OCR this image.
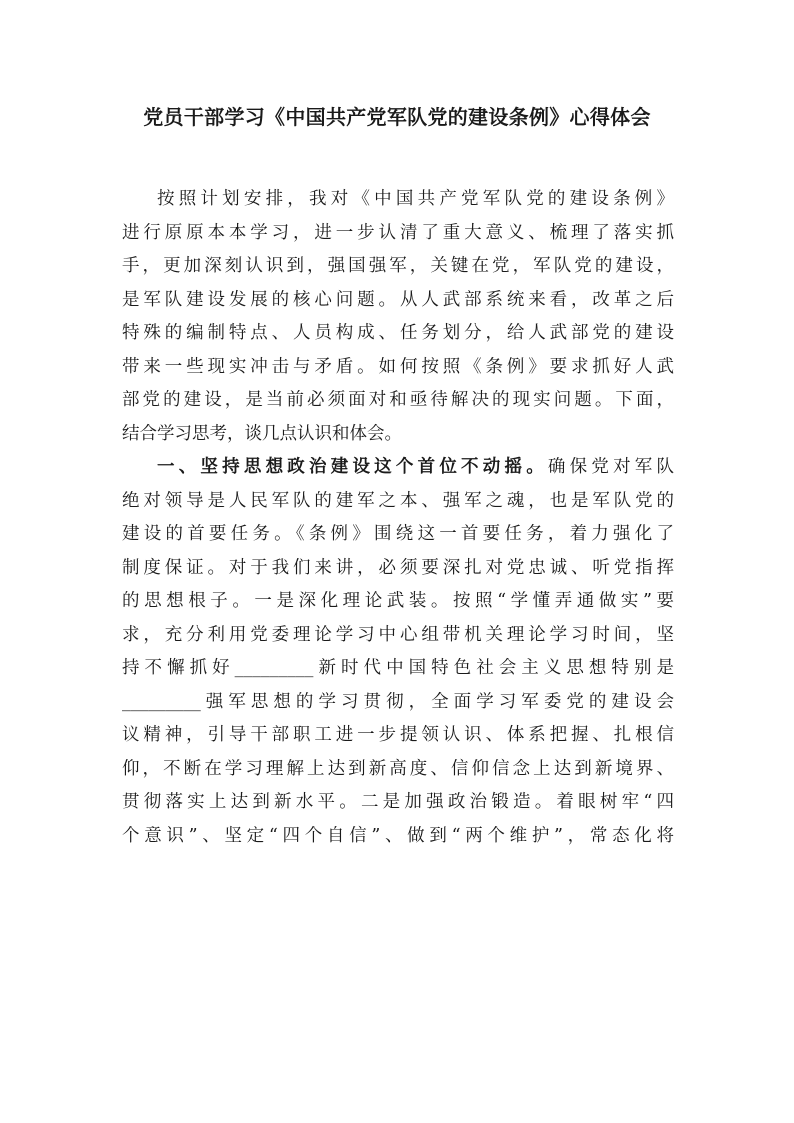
党员干部学习《中国共产党军队党的建设条例》心得体会
按照计划安排，我对《中国共产党军队党的建设条例》
进行原原本本学习，进一步认清了重大意义、梳理了落实抓
手，更加深刻认识到，强国强军，关键在党，军队党的建设，
是军队建设发展的核心问题。从人武部系统来看，改革之后
特殊的编制特点、人员构成、任务划分，给人武部党的建设
带来一些现实冲击与矛盾。如何按照《条例》要求抓好人武
部党的建设，是当前必须面对和亟待解决的现实问题。下面，
结合学习思考，谈几点认识和体会。
一、坚持思想政治建设这个首位不动摇。确保党对军队
绝对领导是人民军队的建军之本、强军之魂，也是军队党的
建设的首要任务。《条例》围绕这一首要任务，着力强化了
制度保证。对于我们来讲，必须要深扎对党忠诚、听党指挥
的思想根子。一是深化理论武装。按照“学懂弄通做实”要
求，充分利用党委理论学习中心组带机关理论学习时间，坚
持不懈抓好_________新时代中国特色社会主义思想特别是
_________强军思想的学习贯彻，全面学习军委党的建设会
议精神，引导干部职工进一步提领认识、体系把握、扎根信
仰，不断在学习理解上达到新高度、信仰信念上达到新境界、
贯彻落实上达到新水平。二是加强政治锻造。着眼树牢“四
个意识”、坚定“四个自信”、做到“两个维护”，常态化将
